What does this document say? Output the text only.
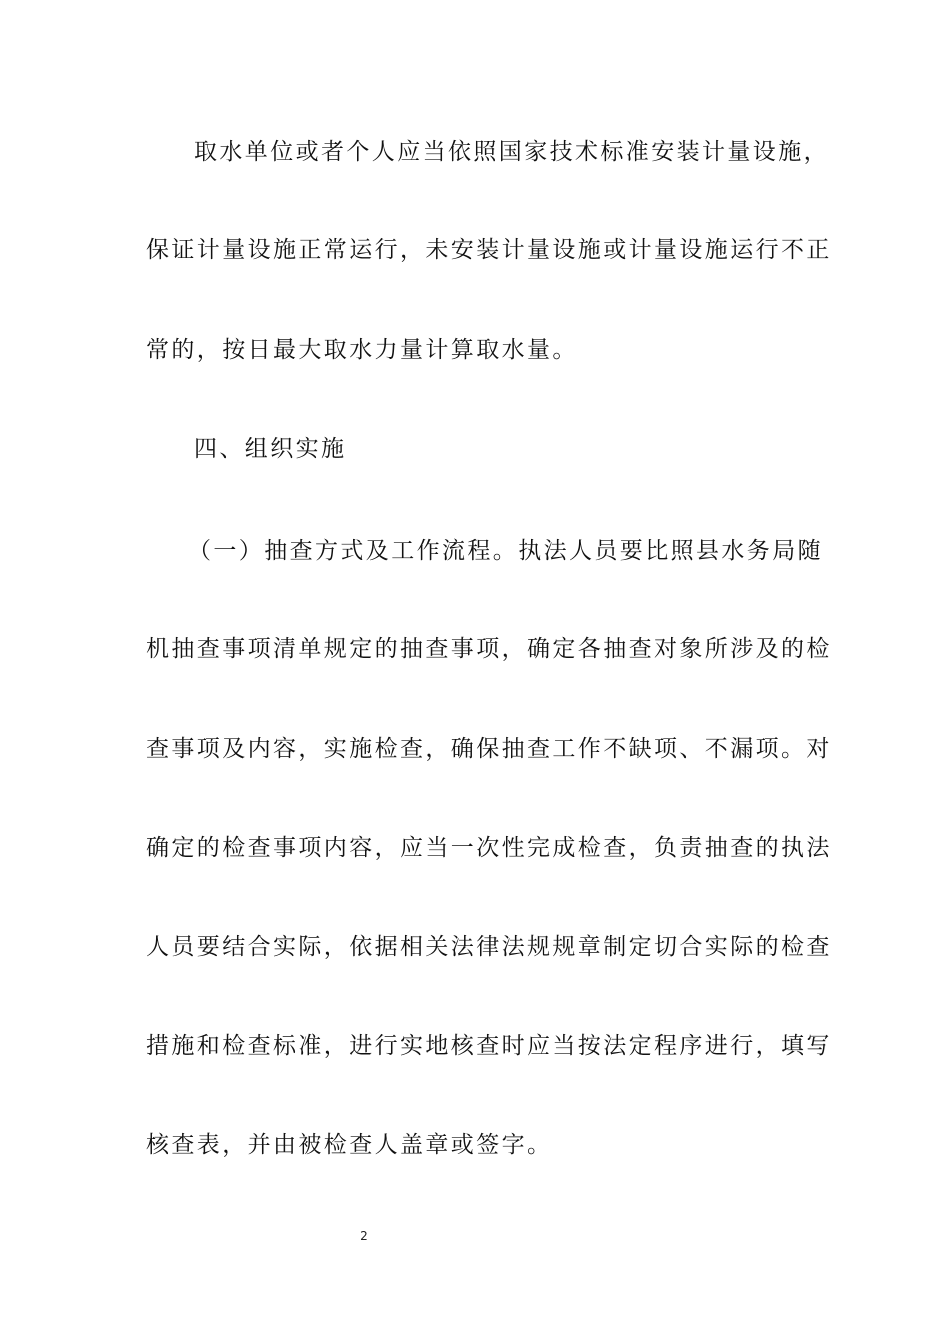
取水单位或者个人应当依照国家技术标准安装计量设施，
保证计量设施正常运行，未安装计量设施或计量设施运行不正
常的，按日最大取水力量计算取水量。
四、组织实施
（一）抽查方式及工作流程。执法人员要比照县水务局随
机抽查事项清单规定的抽查事项，确定各抽查对象所涉及的检
查事项及内容，实施检查，确保抽查工作不缺项、不漏项。对
确定的检查事项内容，应当一次性完成检查，负责抽查的执法
人员要结合实际，依据相关法律法规规章制定切合实际的检查
措施和检查标准，进行实地核查时应当按法定程序进行，填写
核查表，并由被检查人盖章或签字。
2
